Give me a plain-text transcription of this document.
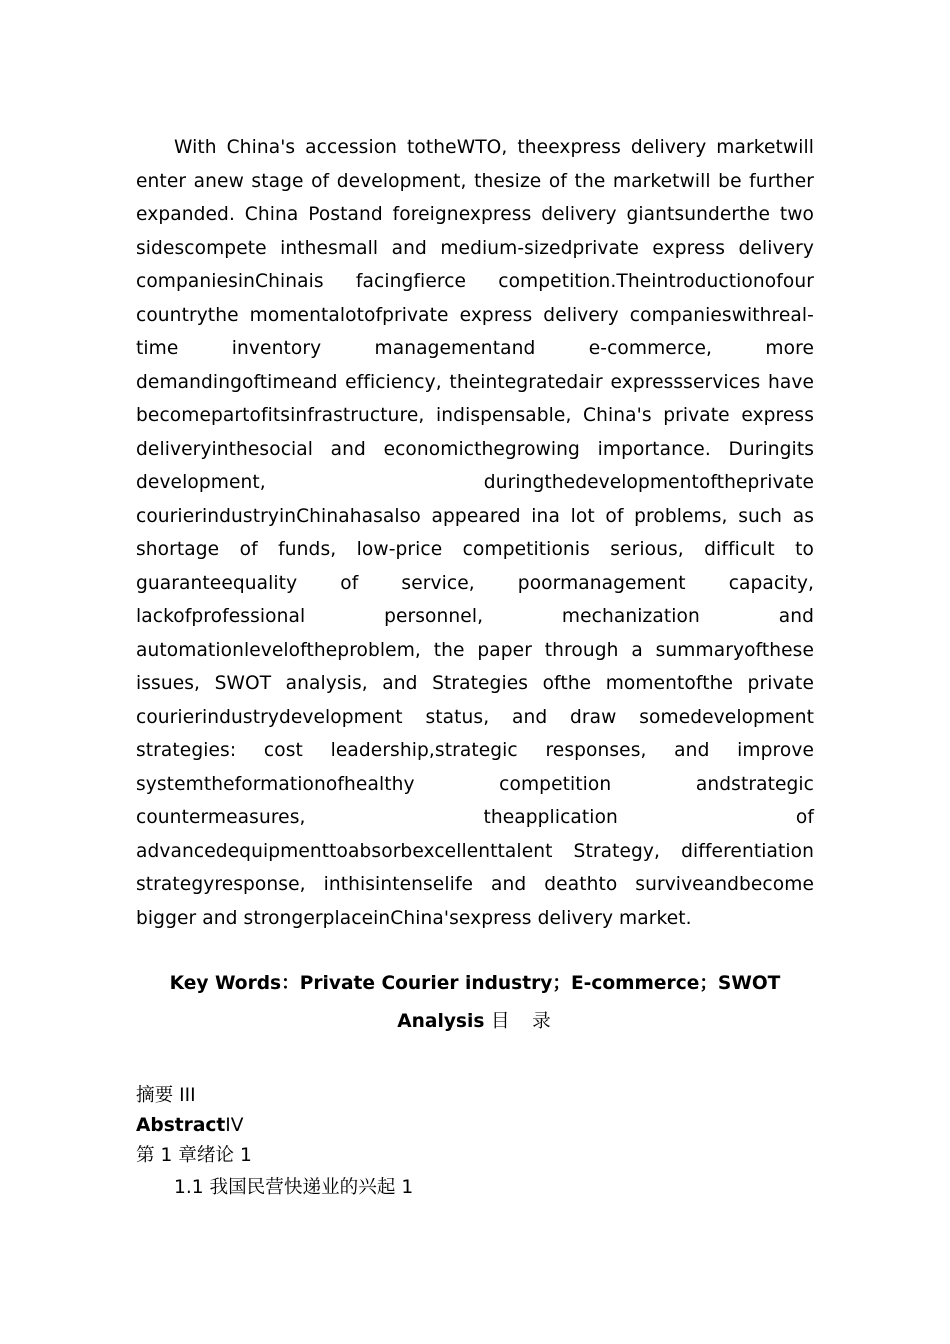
With China's accession totheWTO, theexpress delivery marketwill enter anew stage of development, thesize of the marketwill be further expanded. China Postand foreignexpress delivery giantsunderthe two sidescompete inthesmall and medium-sizedprivate express delivery companiesinChinais facingfierce competition.Theintroductionofour countrythe momentalotofprivate express delivery companieswithreal-time inventory managementand e-commerce, more demandingoftimeand efficiency, theintegratedair expressservices have becomepartofitsinfrastructure, indispensable, China's private express deliveryinthesocial and economicthegrowing importance. Duringits development, duringthedevelopmentoftheprivate courierindustryinChinahasalso appeared ina lot of problems, such as shortage of funds, low-price competitionis serious, difficult to guaranteequality of service, poormanagement capacity, lackofprofessional personnel, mechanization and automationleveloftheproblem, the paper through a summaryofthese issues, SWOT analysis, and Strategies ofthe momentofthe private courierindustrydevelopment status, and draw somedevelopment strategies: cost leadership,strategic responses, and improve systemtheformationofhealthy competition andstrategic countermeasures, theapplication of advancedequipmenttoabsorbexcellenttalent Strategy, differentiation strategyresponse, inthisintenselife and deathto surviveandbecome bigger and strongerplaceinChina'sexpress delivery market.

Key Words：Private Courier industry；E-commerce；SWOT Analysis 目　录
摘要 III
AbstractIV
第 1 章绪论 1
1.1 我国民营快递业的兴起 1
